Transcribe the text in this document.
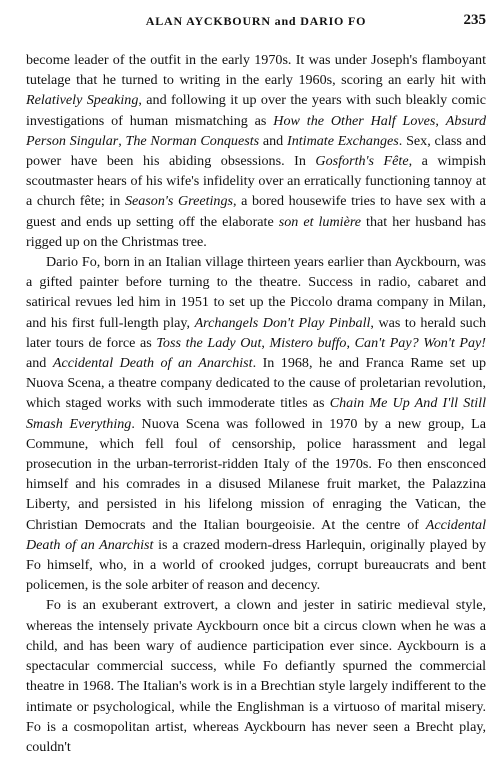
ALAN AYCKBOURN and DARIO FO	235

become leader of the outfit in the early 1970s. It was under Joseph's flamboyant tutelage that he turned to writing in the early 1960s, scoring an early hit with Relatively Speaking, and following it up over the years with such bleakly comic investigations of human mismatching as How the Other Half Loves, Absurd Person Singular, The Norman Conquests and Intimate Exchanges. Sex, class and power have been his abiding obsessions. In Gosforth's Fête, a wimpish scoutmaster hears of his wife's infidelity over an erratically functioning tannoy at a church fête; in Season's Greetings, a bored housewife tries to have sex with a guest and ends up setting off the elaborate son et lumière that her husband has rigged up on the Christmas tree.

Dario Fo, born in an Italian village thirteen years earlier than Ayckbourn, was a gifted painter before turning to the theatre. Success in radio, cabaret and satirical revues led him in 1951 to set up the Piccolo drama company in Milan, and his first full-length play, Archangels Don't Play Pinball, was to herald such later tours de force as Toss the Lady Out, Mistero buffo, Can't Pay? Won't Pay! and Accidental Death of an Anarchist. In 1968, he and Franca Rame set up Nuova Scena, a theatre company dedicated to the cause of proletarian revolution, which staged works with such immoderate titles as Chain Me Up And I'll Still Smash Everything. Nuova Scena was followed in 1970 by a new group, La Commune, which fell foul of censorship, police harassment and legal prosecution in the urban-terrorist-ridden Italy of the 1970s. Fo then ensconced himself and his comrades in a disused Milanese fruit market, the Palazzina Liberty, and persisted in his lifelong mission of enraging the Vatican, the Christian Democrats and the Italian bourgeoisie. At the centre of Accidental Death of an Anarchist is a crazed modern-dress Harlequin, originally played by Fo himself, who, in a world of crooked judges, corrupt bureaucrats and bent policemen, is the sole arbiter of reason and decency.

Fo is an exuberant extrovert, a clown and jester in satiric medieval style, whereas the intensely private Ayckbourn once bit a circus clown when he was a child, and has been wary of audience participation ever since. Ayckbourn is a spectacular commercial success, while Fo defiantly spurned the commercial theatre in 1968. The Italian's work is in a Brechtian style largely indifferent to the intimate or psychological, while the Englishman is a virtuoso of marital misery. Fo is a cosmopolitan artist, whereas Ayckbourn has never seen a Brecht play, couldn't
